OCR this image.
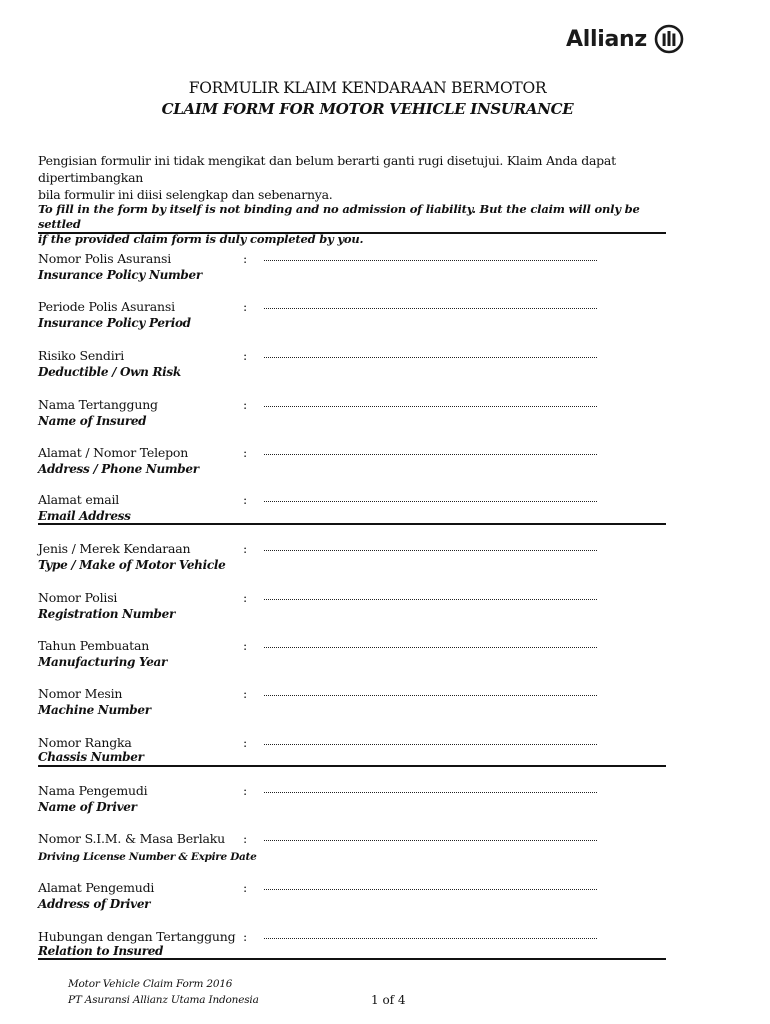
Allianz
FORMULIR KLAIM KENDARAAN BERMOTOR
CLAIM FORM FOR MOTOR VEHICLE INSURANCE
Pengisian formulir ini tidak mengikat dan belum berarti ganti rugi disetujui. Klaim Anda dapat dipertimbangkan
bila formulir ini diisi selengkap dan sebenarnya.
To fill in the form by itself is not binding and no admission of liability. But the claim will only be settled
if the provided claim form is duly completed by you.
Nomor Polis Asuransi
Insurance Policy Number
:
Periode Polis Asuransi
Insurance Policy Period
:
Risiko Sendiri
Deductible / Own Risk
:
Nama Tertanggung
Name of Insured
:
Alamat / Nomor Telepon
Address / Phone Number
:
Alamat email
Email Address
:
Jenis / Merek Kendaraan
Type / Make of Motor Vehicle
:
Nomor Polisi
Registration Number
:
Tahun Pembuatan
Manufacturing Year
:
Nomor Mesin
Machine Number
:
Nomor Rangka
Chassis Number
:
Nama Pengemudi
Name of Driver
:
Nomor S.I.M. & Masa Berlaku
Driving License Number & Expire Date
:
Alamat Pengemudi
Address of Driver
:
Hubungan dengan Tertanggung
Relation to Insured
:
Motor Vehicle Claim Form 2016
PT Asuransi Allianz Utama Indonesia	1 of 4
